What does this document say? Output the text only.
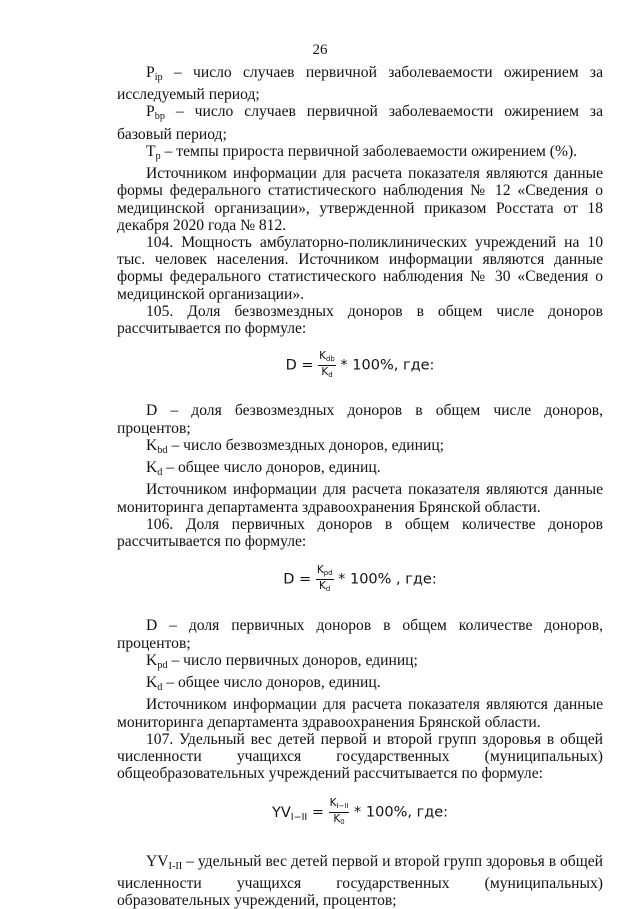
26
$P_{ip}$ – число случаев первичной заболеваемости ожирением за исследуемый период;
$P_{bp}$ – число случаев первичной заболеваемости ожирением за базовый период;
$T_p$ – темпы прироста первичной заболеваемости ожирением (%).
Источником информации для расчета показателя являются данные формы федерального статистического наблюдения № 12 «Сведения о медицинской организации», утвержденной приказом Росстата от 18 декабря 2020 года № 812.
104. Мощность амбулаторно-поликлинических учреждений на 10 тыс. человек населения. Источником информации являются данные формы федерального статистического наблюдения № 30 «Сведения о медицинской организации».
105. Доля безвозмездных доноров в общем числе доноров рассчитывается по формуле:
$D = \frac{K_{db}}{K_d} * 100\%$, где:
D – доля безвозмездных доноров в общем числе доноров, процентов;
$K_{bd}$ – число безвозмездных доноров, единиц;
$K_d$ – общее число доноров, единиц.
Источником информации для расчета показателя являются данные мониторинга департамента здравоохранения Брянской области.
106. Доля первичных доноров в общем количестве доноров рассчитывается по формуле:
$D = \frac{K_{pd}}{K_d} * 100\%$ , где:
D – доля первичных доноров в общем количестве доноров, процентов;
$K_{pd}$ – число первичных доноров, единиц;
$K_d$ – общее число доноров, единиц.
Источником информации для расчета показателя являются данные мониторинга департамента здравоохранения Брянской области.
107. Удельный вес детей первой и второй групп здоровья в общей численности учащихся государственных (муниципальных) общеобразовательных учреждений рассчитывается по формуле:
$YV_{I-II} = \frac{K_{I-II}}{K_0} * 100\%$, где:
$YV_{I-II}$ – удельный вес детей первой и второй групп здоровья в общей численности учащихся государственных (муниципальных) образовательных учреждений, процентов;
